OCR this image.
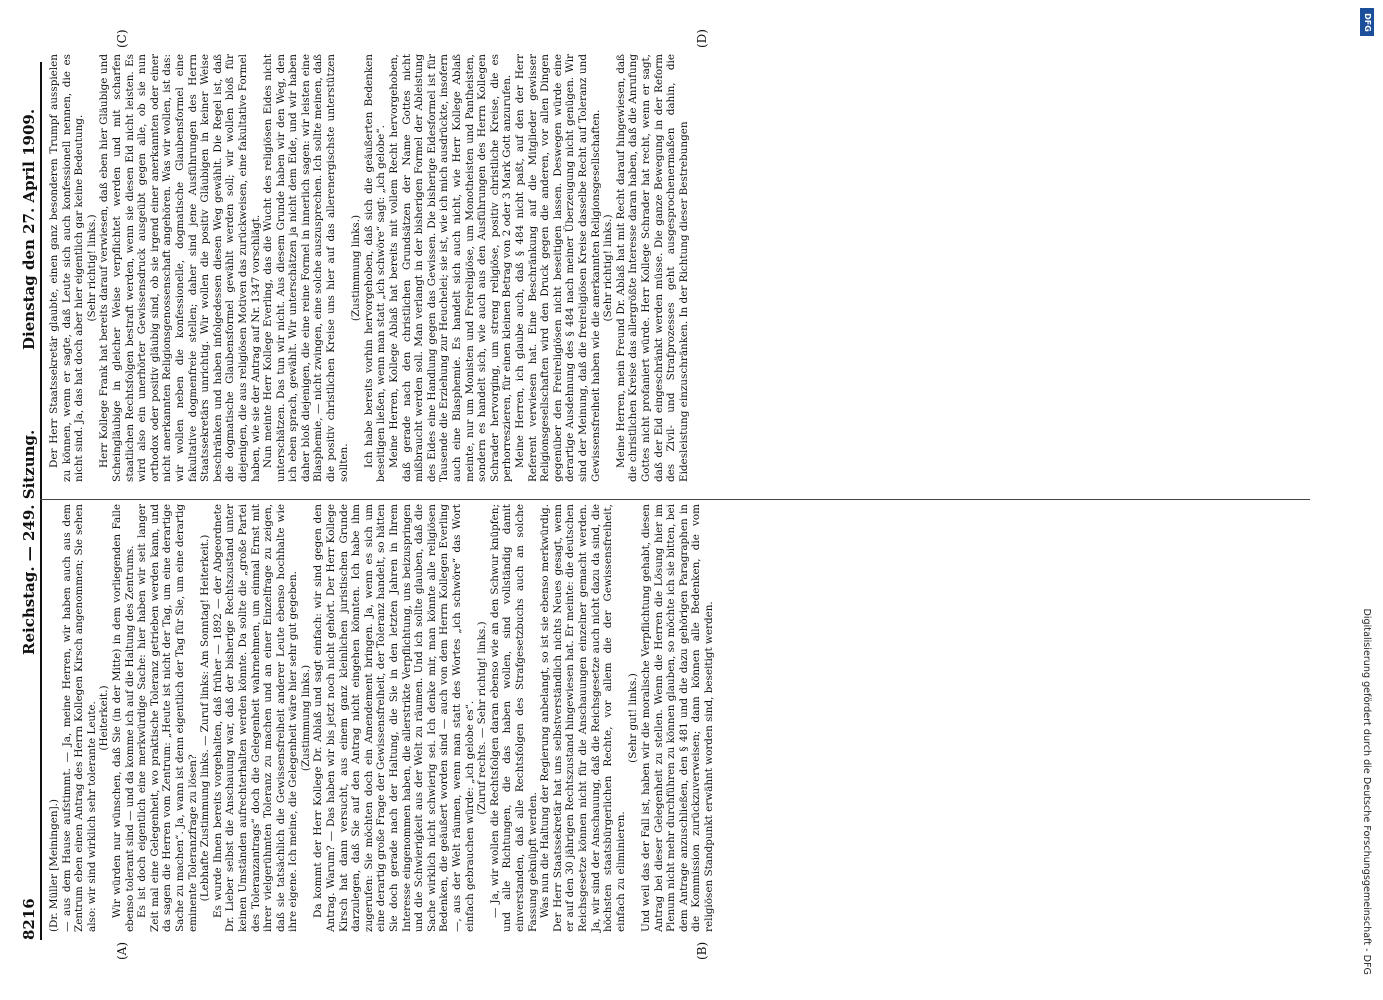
8216
Reichstag. — 249. Sitzung.
Dienstag den 27. April 1909.
(A)	(B)
(C)	(D)

(Dr. Müller [Meiningen].) — aus dem Hause aufstimmt. — Ja, meine Herren, wir haben auch aus dem Zentrum eben einen Antrag des Herrn Kollegen Kirsch angenommen; Sie sehen also: wir sind wirklich sehr tolerante Leute. (Heiterkeit.) Wir würden nur wünschen, daß Sie (in der Mitte) in dem vorliegenden Falle ebenso tolerant sind — und da komme ich auf die Haltung des Zentrums. Es ist doch eigentlich eine merkwürdige Sache: hier haben wir seit langer Zeit mal eine Gelegenheit, wo praktische Toleranz getrieben werden kann, und da sagen die Herren vom Zentrum: „Heute ist nicht der Tag, um eine derartige Sache zu machen“. Ja, wann ist denn eigentlich der Tag für Sie, um eine derartig eminente Toleranzfrage zu lösen? (Lebhafte Zustimmung links. — Zuruf links: Am Sonntag! Heiterkeit.) Es wurde Ihnen bereits vorgehalten, daß früher — 1892 — der Abgeordnete Dr. Lieber selbst die Anschauung war, daß der bisherige Rechtszustand unter keinen Umständen aufrechterhalten werden könnte. Da sollte die „große Partei des Toleranzantrags“ doch die Gelegenheit wahrnehmen, um einmal Ernst mit ihrer vielgerühmten Toleranz zu machen und an einer Einzelfrage zu zeigen, daß sie tatsächlich die Gewissensfreiheit anderer Leute ebenso hochhalte wie ihre eigene. Ich meine, die Gelegenheit wäre hier sehr gut gegeben. (Zustimmung links.) Da kommt der Herr Kollege Dr. Ablaß und sagt einfach: wir sind gegen den Antrag. Warum? — Das haben wir bis jetzt noch nicht gehört. Der Herr Kollege Kirsch hat dann versucht, aus einem ganz kleinlichen juristischen Grunde darzulegen, daß Sie auf den Antrag nicht eingehen könnten. Ich habe ihm zugerufen: Sie möchten doch ein Amendement bringen. Ja, wenn es sich um eine derartig große Frage der Gewissensfreiheit, der Toleranz handelt, so hätten Sie doch gerade nach der Haltung, die Sie in den letzten Jahren in Ihrem Interesse eingenommen haben, die allerstrikte Verpflichtung, uns beizuspringen und die Schwierigkeit aus der Welt zu räumen. Und ich sollte glauben, daß die Sache wirklich nicht schwierig sei. Ich denke mir, man könnte alle religiösen Bedenken, die geäußert worden sind — auch von dem Herrn Kollegen Everling —, aus der Welt räumen, wenn man statt des Wortes „ich schwöre“ das Wort einfach gebrauchen würde: „ich gelobe es“. (Zuruf rechts. — Sehr richtig! links.) — Ja, wir wollen die Rechtsfolgen daran ebenso wie an den Schwur knüpfen; und alle Richtungen, die das haben wollen, sind vollständig damit einverstanden, daß alle Rechtsfolgen des Strafgesetzbuchs auch an solche Fassung geknüpft werden. Was nun die Haltung der Regierung anbelangt, so ist sie ebenso merkwürdig. Der Herr Staatssekretär hat uns selbstverständlich nichts Neues gesagt, wenn er auf den 30 jährigen Rechtszustand hingewiesen hat. Er meinte: die deutschen Reichsgesetze können nicht für die Anschauungen einzelner gemacht werden. Ja, wir sind der Anschauung, daß die Reichsgesetze auch nicht dazu da sind, die höchsten staatsbürgerlichen Rechte, vor allem die der Gewissensfreiheit, einfach zu eliminieren.

(Sehr gut! links.) Und weil das der Fall ist, haben wir die moralische Verpflichtung gehabt, diesen Antrag bei dieser Gelegenheit zu stellen. Wenn die Herren die Lösung hier im Plenum nicht mehr durchführen zu können glauben, so möchte ich sie bitten, bei dem Antrage anzuschließen, den § 481 und die dazu gehörigen Paragraphen in die Kommission zurückzuverweisen; dann können alle Bedenken, die vom religiösen Standpunkt erwähnt worden sind, beseitigt werden.

Der Herr Staatssekretär glaubte, einen ganz besonderen Trumpf ausspielen zu können, wenn er sagte, daß Leute sich auch konfessionell nennen, die es nicht sind. Ja, das hat doch aber hier eigentlich gar keine Bedeutung. (Sehr richtig! links.) Herr Kollege Frank hat bereits darauf verwiesen, daß eben hier Gläubige und Scheingläubige in gleicher Weise verpflichtet werden und mit scharfen staatlichen Rechtsfolgen bestraft werden, wenn sie diesen Eid nicht leisten. Es wird also ein unerhörter Gewissensdruck ausgeübt gegen alle, ob sie nun orthodox oder positiv gläubig sind, ob sie irgend einer anerkannten oder einer nicht anerkannten Religionsgenossenschaft angehören. Was wir wollen, ist das: wir wollen neben die konfessionelle, dogmatische Glaubensformel eine fakultative dogmenfreie stellen; daher sind jene Ausführungen des Herrn Staatssekretärs unrichtig. Wir wollen die positiv Gläubigen in keiner Weise beschränken und haben infolgedessen diesen Weg gewählt. Die Regel ist, daß die dogmatische Glaubensformel gewählt werden soll; wir wollen bloß für diejenigen, die aus religiösen Motiven das zurückweisen, eine fakultative Formel haben, wie sie der Antrag auf Nr. 1347 vorschlägt. Nun meinte Herr Kollege Everling, das die Wucht des religiösen Eides nicht unterschätzen. Das tun wir nicht. Aus diesem Grunde haben wir den Weg, den ich eben sprach, gewählt. Wir unterschätzen ja nicht dem Eide, und wir haben daher bloß diejenigen, die eine reine Formel in innerlich sagen: wir leisten eine Blasphemie, — nicht zwingen, eine solche auszusprechen. Ich sollte meinen, daß die positiv christlichen Kreise uns hier auf das allerenergischste unterstützen sollten.

(Zustimmung links.) Ich habe bereits vorhin hervorgehoben, daß sich die geäußerten Bedenken beseitigen ließen, wenn man statt „ich schwöre“ sagt: „ich gelobe“. Meine Herren, Kollege Ablaß hat bereits mit vollem Recht hervorgehoben, daß gerade nach den christlichen Grundsätzen der Name Gottes nicht mißbraucht werden soll. Man verlangt in der bisherigen Formel der Ableistung des Eides eine Handlung gegen das Gewissen. Die bisherige Eidesformel ist für Tausende die Erziehung zur Heuchelei; sie ist, wie ich mich ausdrückte, insofern auch eine Blasphemie. Es handelt sich auch nicht, wie Herr Kollege Ablaß meinte, nur um Monisten und Freireligiöse, um Monotheisten und Pantheisten, sondern es handelt sich, wie auch aus den Ausführungen des Herrn Kollegen Schrader hervorging, um streng religiöse, positiv christliche Kreise, die es perhorreszieren, für einen kleinen Betrag von 2 oder 3 Mark Gott anzurufen. Meine Herren, ich glaube auch, daß § 484 nicht paßt, auf den der Herr Referent verwiesen hat. Eine Beschränkung auf die Mitglieder gewisser Religionsgesellschaften wird den Druck gegen die anderen, vor allen Dingen gegenüber den Freireligiösen nicht beseitigen lassen. Deswegen würde eine derartige Ausdehnung des § 484 nach meiner Überzeugung nicht genügen. Wir sind der Meinung, daß die freireligiösen Kreise dasselbe Recht auf Toleranz und Gewissensfreiheit haben wie die anerkannten Religionsgesellschaften. (Sehr richtig! links.) Meine Herren, mein Freund Dr. Ablaß hat mit Recht darauf hingewiesen, daß die christlichen Kreise das allergrößte Interesse daran haben, daß die Anrufung Gottes nicht profaniert würde. Herr Kollege Schrader hat recht, wenn er sagt, daß der Eid eingeschränkt werden müsse. Die ganze Bewegung in der Reform des Zivil- und Strafprozesses geht ausgesprochenermaßen dahin, die Eidesleistung einzuschränken. In der Richtung dieser Bestrebungen

DFG
Digitalisierung gefördert durch die Deutsche Forschungsgemeinschaft - DFG
